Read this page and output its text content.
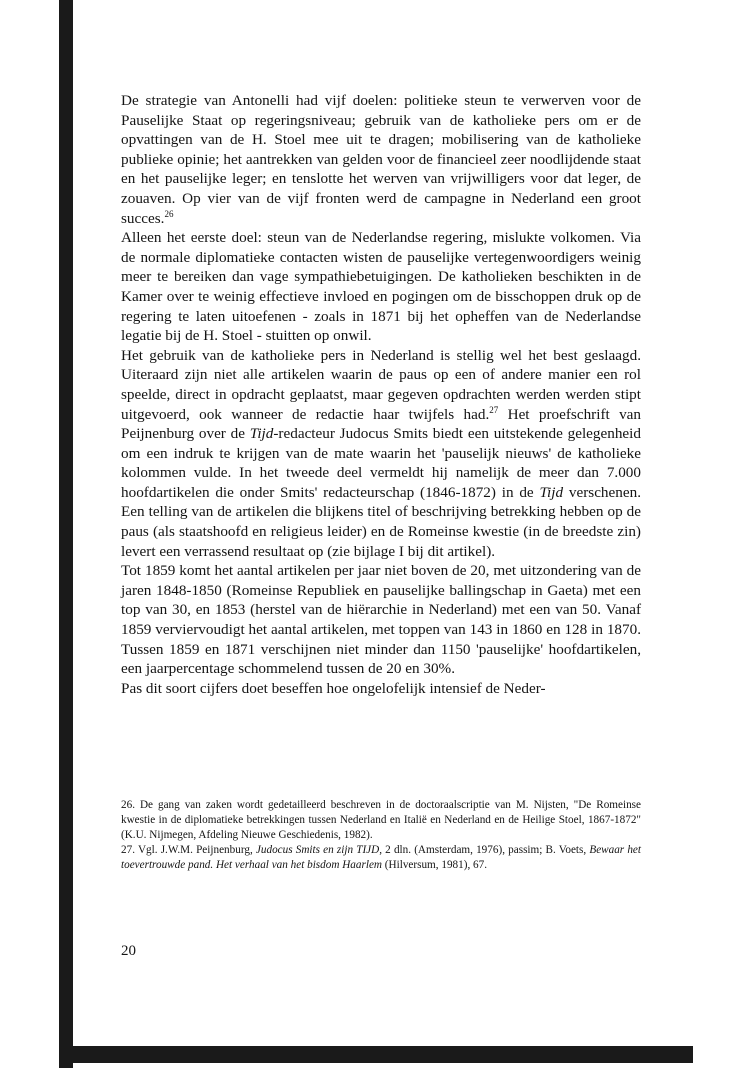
De strategie van Antonelli had vijf doelen: politieke steun te verwerven voor de Pauselijke Staat op regeringsniveau; gebruik van de katholieke pers om er de opvattingen van de H. Stoel mee uit te dragen; mobilisering van de katholieke publieke opinie; het aantrekken van gelden voor de financieel zeer noodlijdende staat en het pauselijke leger; en tenslotte het werven van vrijwilligers voor dat leger, de zouaven. Op vier van de vijf fronten werd de campagne in Nederland een groot succes.$^{26}$

Alleen het eerste doel: steun van de Nederlandse regering, mislukte volkomen. Via de normale diplomatieke contacten wisten de pauselijke vertegenwoordigers weinig meer te bereiken dan vage sympathiebetuigingen. De katholieken beschikten in de Kamer over te weinig effectieve invloed en pogingen om de bisschoppen druk op de regering te laten uitoefenen - zoals in 1871 bij het opheffen van de Nederlandse legatie bij de H. Stoel - stuitten op onwil.

Het gebruik van de katholieke pers in Nederland is stellig wel het best geslaagd. Uiteraard zijn niet alle artikelen waarin de paus op een of andere manier een rol speelde, direct in opdracht geplaatst, maar gegeven opdrachten werden werden stipt uitgevoerd, ook wanneer de redactie haar twijfels had.$^{27}$ Het proefschrift van Peijnenburg over de Tijd-redacteur Judocus Smits biedt een uitstekende gelegenheid om een indruk te krijgen van de mate waarin het 'pauselijk nieuws' de katholieke kolommen vulde. In het tweede deel vermeldt hij namelijk de meer dan 7.000 hoofdartikelen die onder Smits' redacteurschap (1846-1872) in de Tijd verschenen. Een telling van de artikelen die blijkens titel of beschrijving betrekking hebben op de paus (als staatshoofd en religieus leider) en de Romeinse kwestie (in de breedste zin) levert een verrassend resultaat op (zie bijlage I bij dit artikel).

Tot 1859 komt het aantal artikelen per jaar niet boven de 20, met uitzondering van de jaren 1848-1850 (Romeinse Republiek en pauselijke ballingschap in Gaeta) met een top van 30, en 1853 (herstel van de hiërarchie in Nederland) met een van 50. Vanaf 1859 verviervoudigt het aantal artikelen, met toppen van 143 in 1860 en 128 in 1870. Tussen 1859 en 1871 verschijnen niet minder dan 1150 'pauselijke' hoofdartikelen, een jaarpercentage schommelend tussen de 20 en 30%.

Pas dit soort cijfers doet beseffen hoe ongelofelijk intensief de Neder-

26. De gang van zaken wordt gedetailleerd beschreven in de doctoraalscriptie van M. Nijsten, "De Romeinse kwestie in de diplomatieke betrekkingen tussen Nederland en Italië en Nederland en de Heilige Stoel, 1867-1872" (K.U. Nijmegen, Afdeling Nieuwe Geschiedenis, 1982).

27. Vgl. J.W.M. Peijnenburg, Judocus Smits en zijn TIJD, 2 dln. (Amsterdam, 1976), passim; B. Voets, Bewaar het toevertrouwde pand. Het verhaal van het bisdom Haarlem (Hilversum, 1981), 67.

20
